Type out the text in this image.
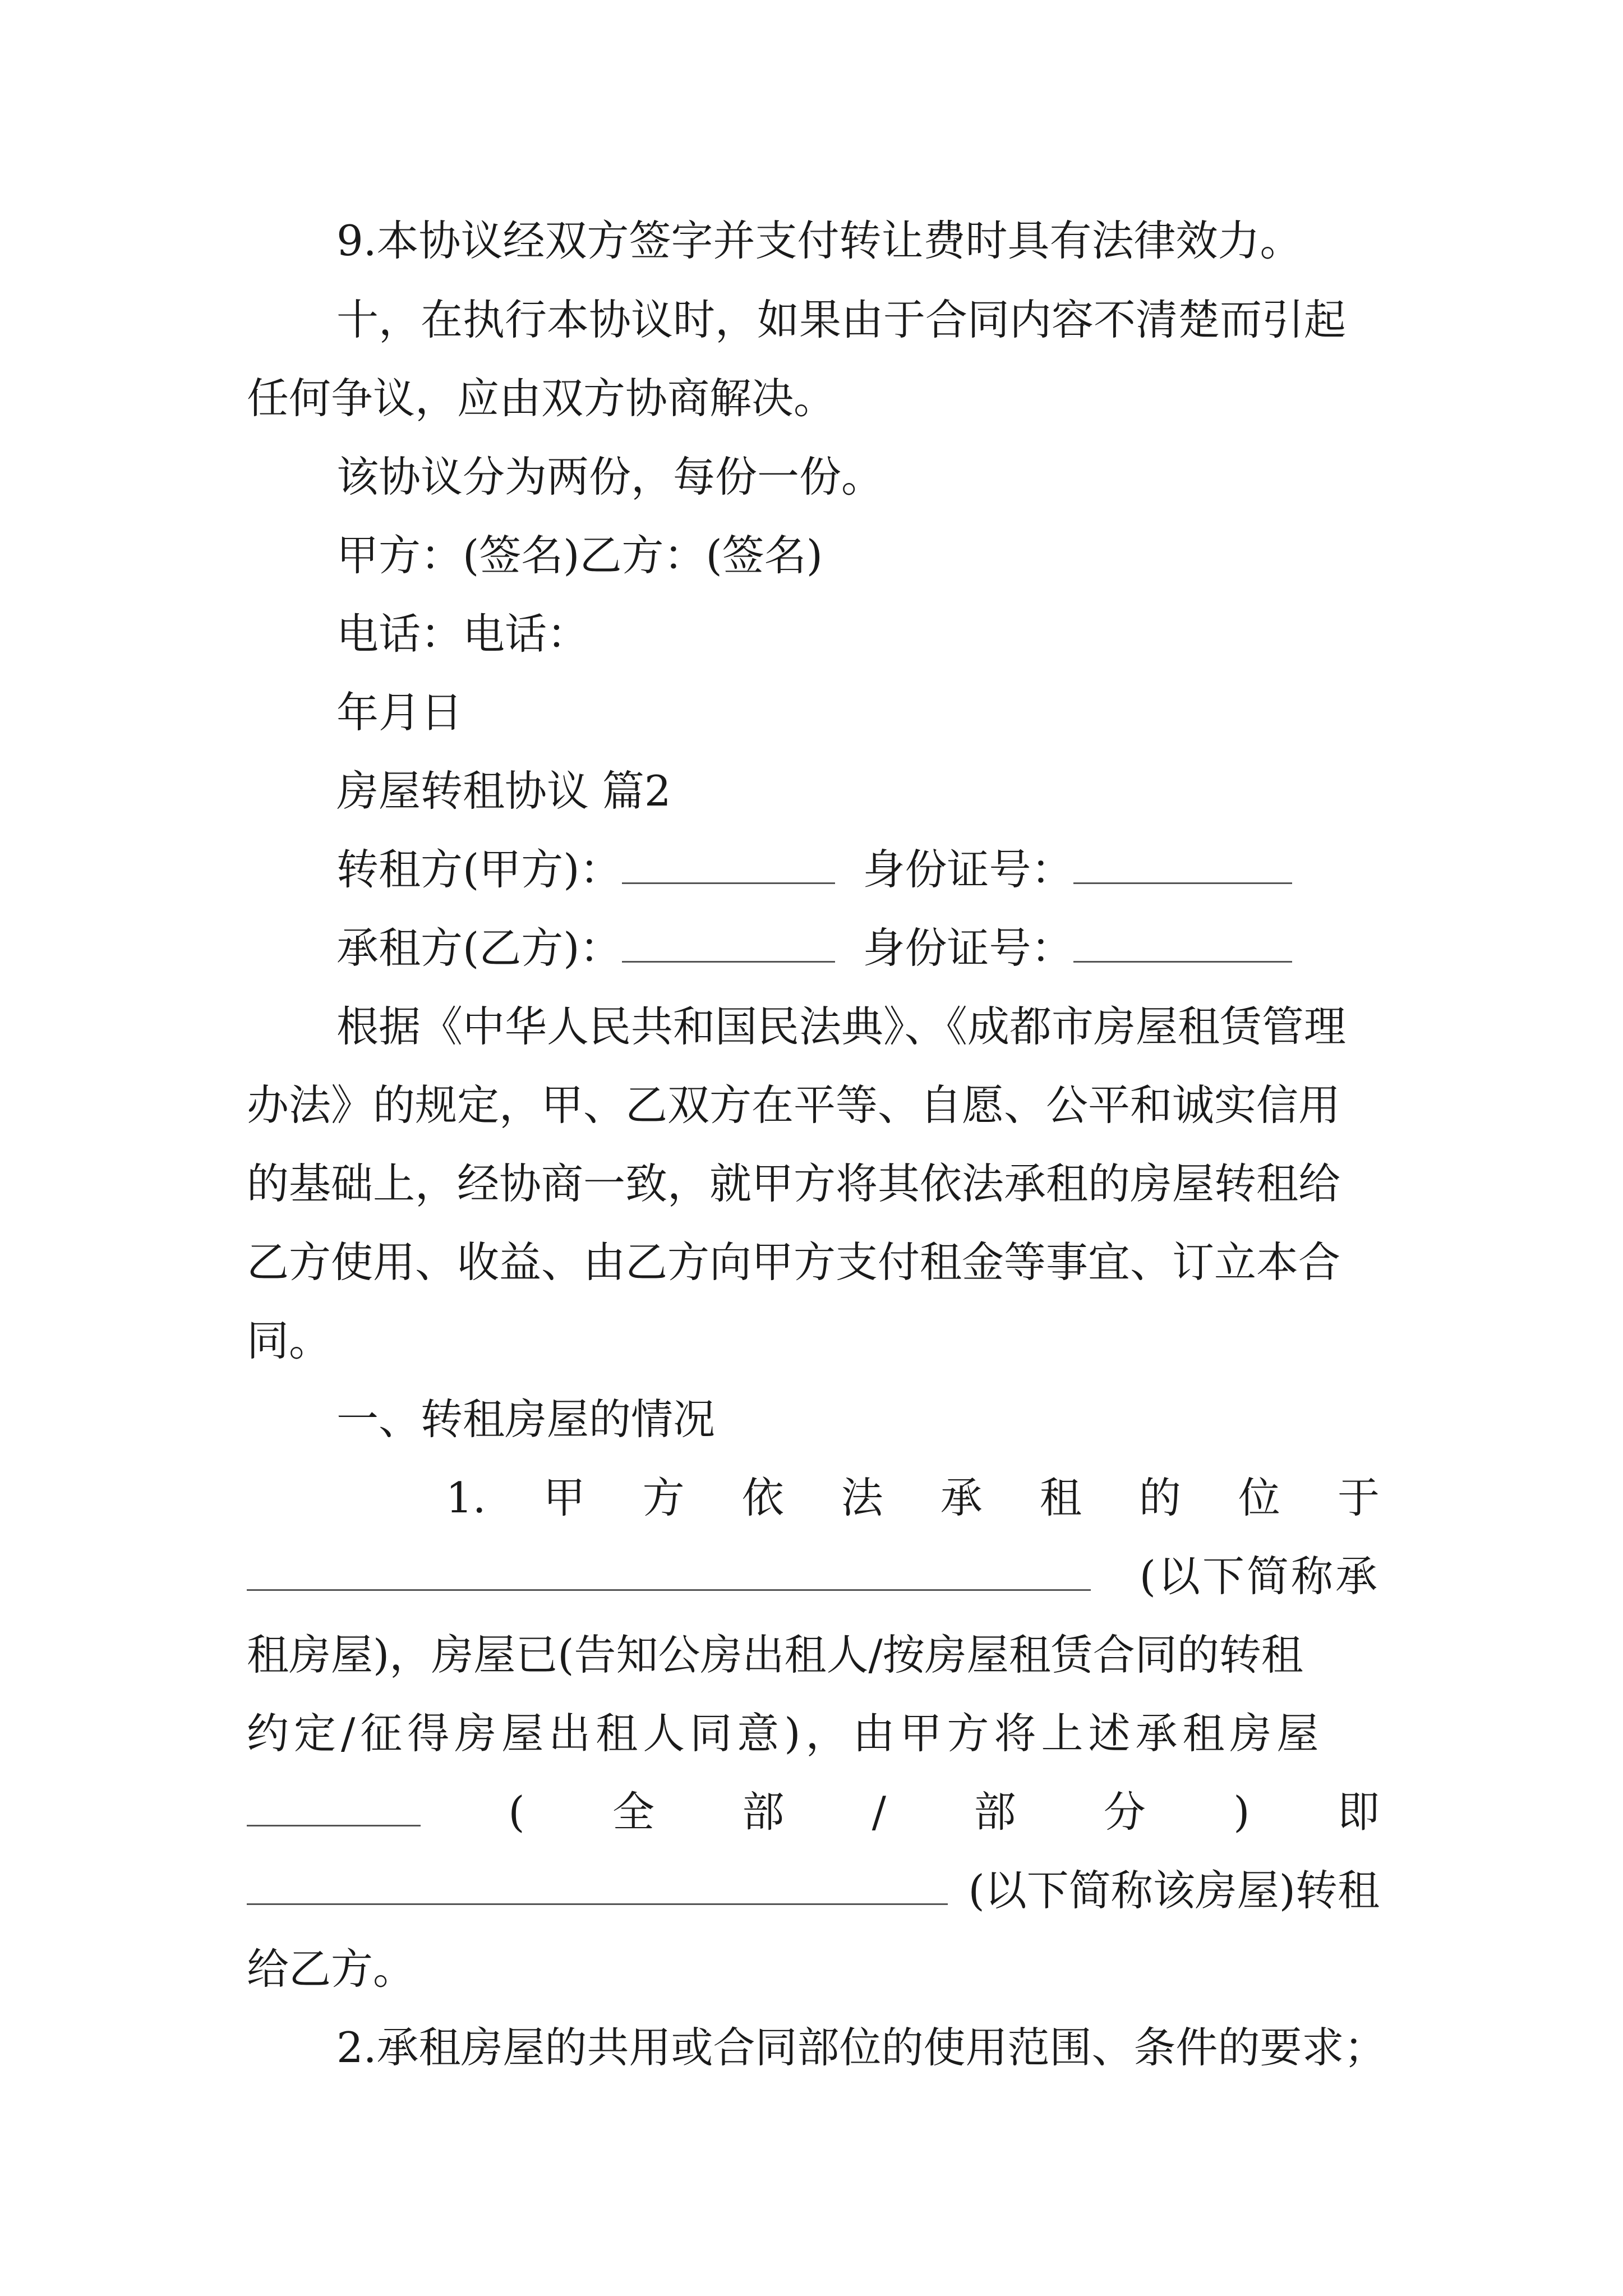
9.本协议经双方签字并支付转让费时具有法律效力。
十，在执行本协议时，如果由于合同内容不清楚而引起
任何争议，应由双方协商解决。
该协议分为两份，每份一份。
甲方：(签名)乙方：(签名)
电话：电话：
年月日
房屋转租协议 篇2
转租方(甲方)：	身份证号：
承租方(乙方)：	身份证号：
根据《中华人民共和国民法典》、《成都市房屋租赁管理
办法》的规定，甲、乙双方在平等、自愿、公平和诚实信用
的基础上，经协商一致，就甲方将其依法承租的房屋转租给
乙方使用、收益、由乙方向甲方支付租金等事宜、订立本合
同。
一、转租房屋的情况
1. 甲 方 依 法 承 租 的 位 于
(以下简称承
租房屋)，房屋已(告知公房出租人/按房屋租赁合同的转租
约定/征得房屋出租人同意)，由甲方将上述承租房屋
( 全 部 / 部 分 ) 即
(以下简称该房屋)转租
给乙方。
2.承租房屋的共用或合同部位的使用范围、条件的要求；
